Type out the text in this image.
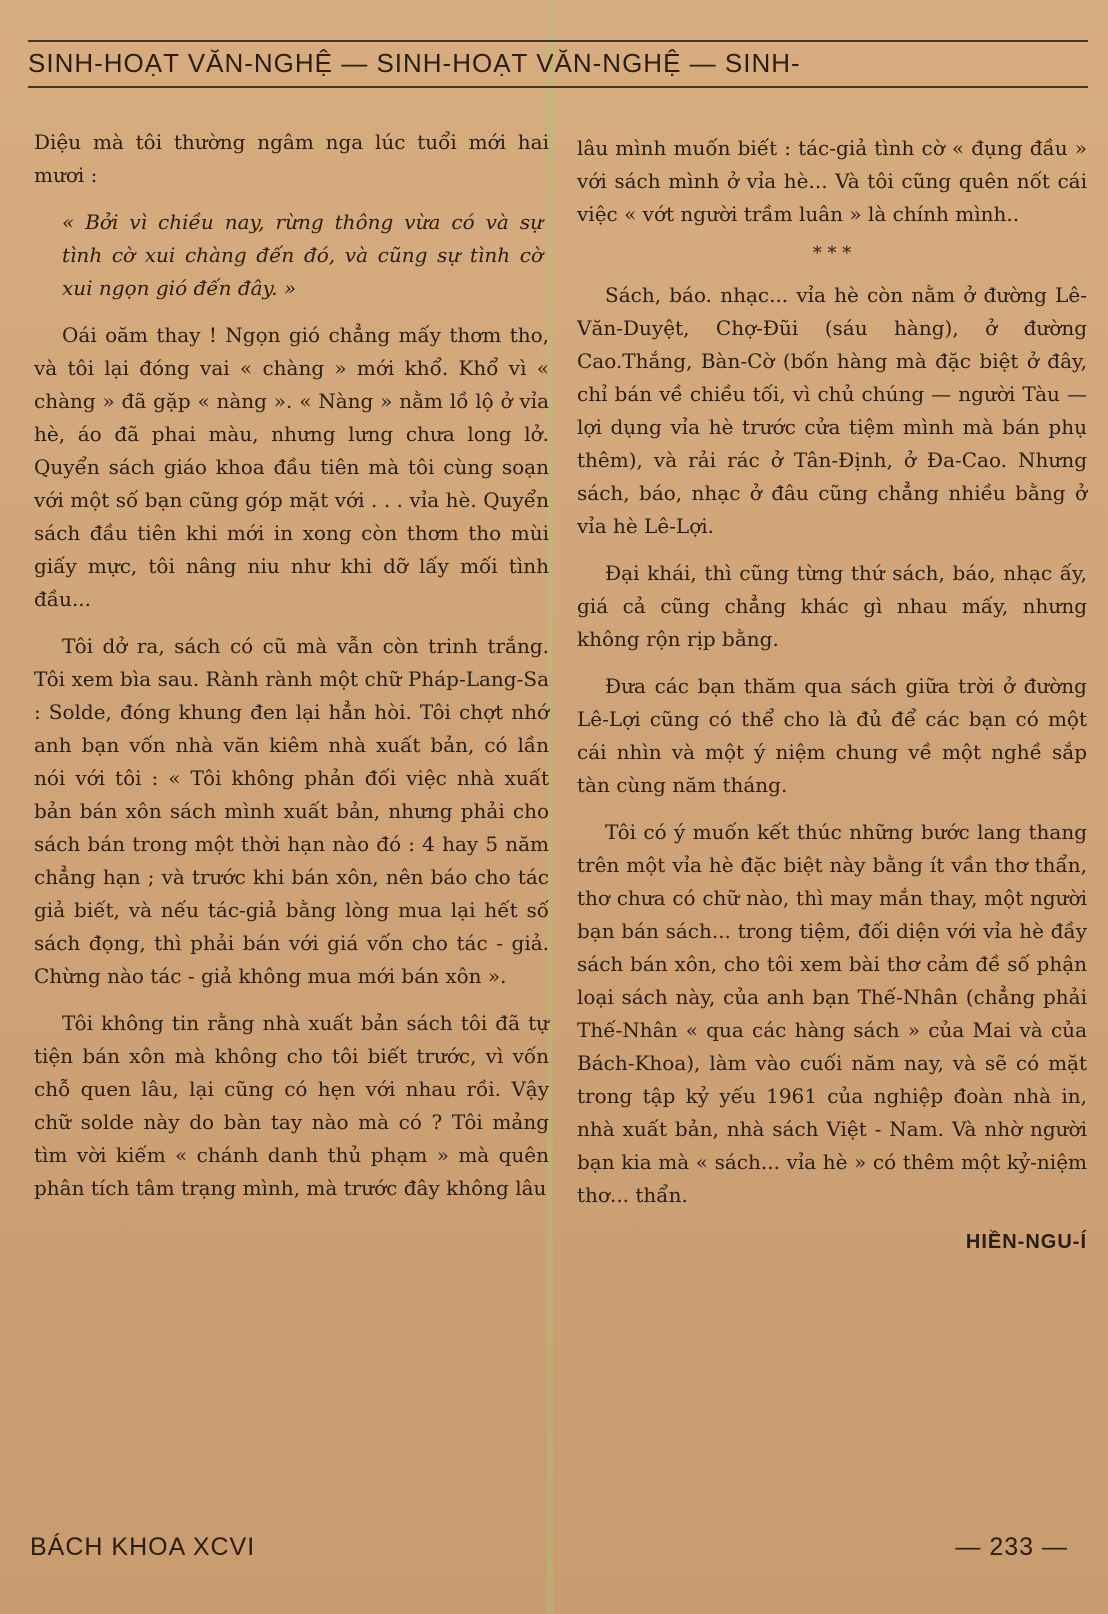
SINH-HOẠT VĂN-NGHỆ — SINH-HOẠT VĂN-NGHỆ — SINH-

Diệu mà tôi thường ngâm nga lúc tuổi mới hai mươi :

« Bởi vì chiều nay, rừng thông vừa có và sự tình cờ xui chàng đến đó, và cũng sự tình cờ xui ngọn gió đến đây. »

Oái oăm thay ! Ngọn gió chẳng mấy thơm tho, và tôi lại đóng vai « chàng » mới khổ. Khổ vì « chàng » đã gặp « nàng ». « Nàng » nằm lồ lộ ở vỉa hè, áo đã phai màu, nhưng lưng chưa long lở. Quyển sách giáo khoa đầu tiên mà tôi cùng soạn với một số bạn cũng góp mặt với . . . vỉa hè. Quyển sách đầu tiên khi mới in xong còn thơm tho mùi giấy mực, tôi nâng niu như khi dỡ lấy mối tình đầu...

Tôi dở ra, sách có cũ mà vẫn còn trinh trắng. Tôi xem bìa sau. Rành rành một chữ Pháp-Lang-Sa : Solde, đóng khung đen lại hẳn hòi. Tôi chợt nhớ anh bạn vốn nhà văn kiêm nhà xuất bản, có lần nói với tôi : « Tôi không phản đối việc nhà xuất bản bán xôn sách mình xuất bản, nhưng phải cho sách bán trong một thời hạn nào đó : 4 hay 5 năm chẳng hạn ; và trước khi bán xôn, nên báo cho tác giả biết, và nếu tác-giả bằng lòng mua lại hết số sách đọng, thì phải bán với giá vốn cho tác - giả. Chừng nào tác - giả không mua mới bán xôn ».

Tôi không tin rằng nhà xuất bản sách tôi đã tự tiện bán xôn mà không cho tôi biết trước, vì vốn chỗ quen lâu, lại cũng có hẹn với nhau rồi. Vậy chữ solde này do bàn tay nào mà có ? Tôi mảng tìm vời kiếm « chánh danh thủ phạm » mà quên phân tích tâm trạng mình, mà trước đây không lâu

lâu mình muốn biết : tác-giả tình cờ « đụng đầu » với sách mình ở vỉa hè... Và tôi cũng quên nốt cái việc « vớt người trầm luân » là chính mình..

* * *

Sách, báo. nhạc... vỉa hè còn nằm ở đường Lê-Văn-Duyệt, Chợ-Đũi (sáu hàng), ở đường Cao.Thắng, Bàn-Cờ (bốn hàng mà đặc biệt ở đây, chỉ bán về chiều tối, vì chủ chúng — người Tàu — lợi dụng vỉa hè trước cửa tiệm mình mà bán phụ thêm), và rải rác ở Tân-Định, ở Đa-Cao. Nhưng sách, báo, nhạc ở đâu cũng chẳng nhiều bằng ở vỉa hè Lê-Lợi.

Đại khái, thì cũng từng thứ sách, báo, nhạc ấy, giá cả cũng chẳng khác gì nhau mấy, nhưng không rộn rịp bằng.

Đưa các bạn thăm qua sách giữa trời ở đường Lê-Lợi cũng có thể cho là đủ để các bạn có một cái nhìn và một ý niệm chung về một nghề sắp tàn cùng năm tháng.

Tôi có ý muốn kết thúc những bước lang thang trên một vỉa hè đặc biệt này bằng ít vần thơ thẩn, thơ chưa có chữ nào, thì may mắn thay, một người bạn bán sách... trong tiệm, đối diện với vỉa hè đầy sách bán xôn, cho tôi xem bài thơ cảm đề số phận loại sách này, của anh bạn Thế-Nhân (chẳng phải Thế-Nhân « qua các hàng sách » của Mai và của Bách-Khoa), làm vào cuối năm nay, và sẽ có mặt trong tập kỷ yếu 1961 của nghiệp đoàn nhà in, nhà xuất bản, nhà sách Việt - Nam. Và nhờ người bạn kia mà « sách... vỉa hè » có thêm một kỷ-niệm thơ... thẩn.

HIỀN-NGU-Í
BÁCH KHOA XCVI	— 233 —
